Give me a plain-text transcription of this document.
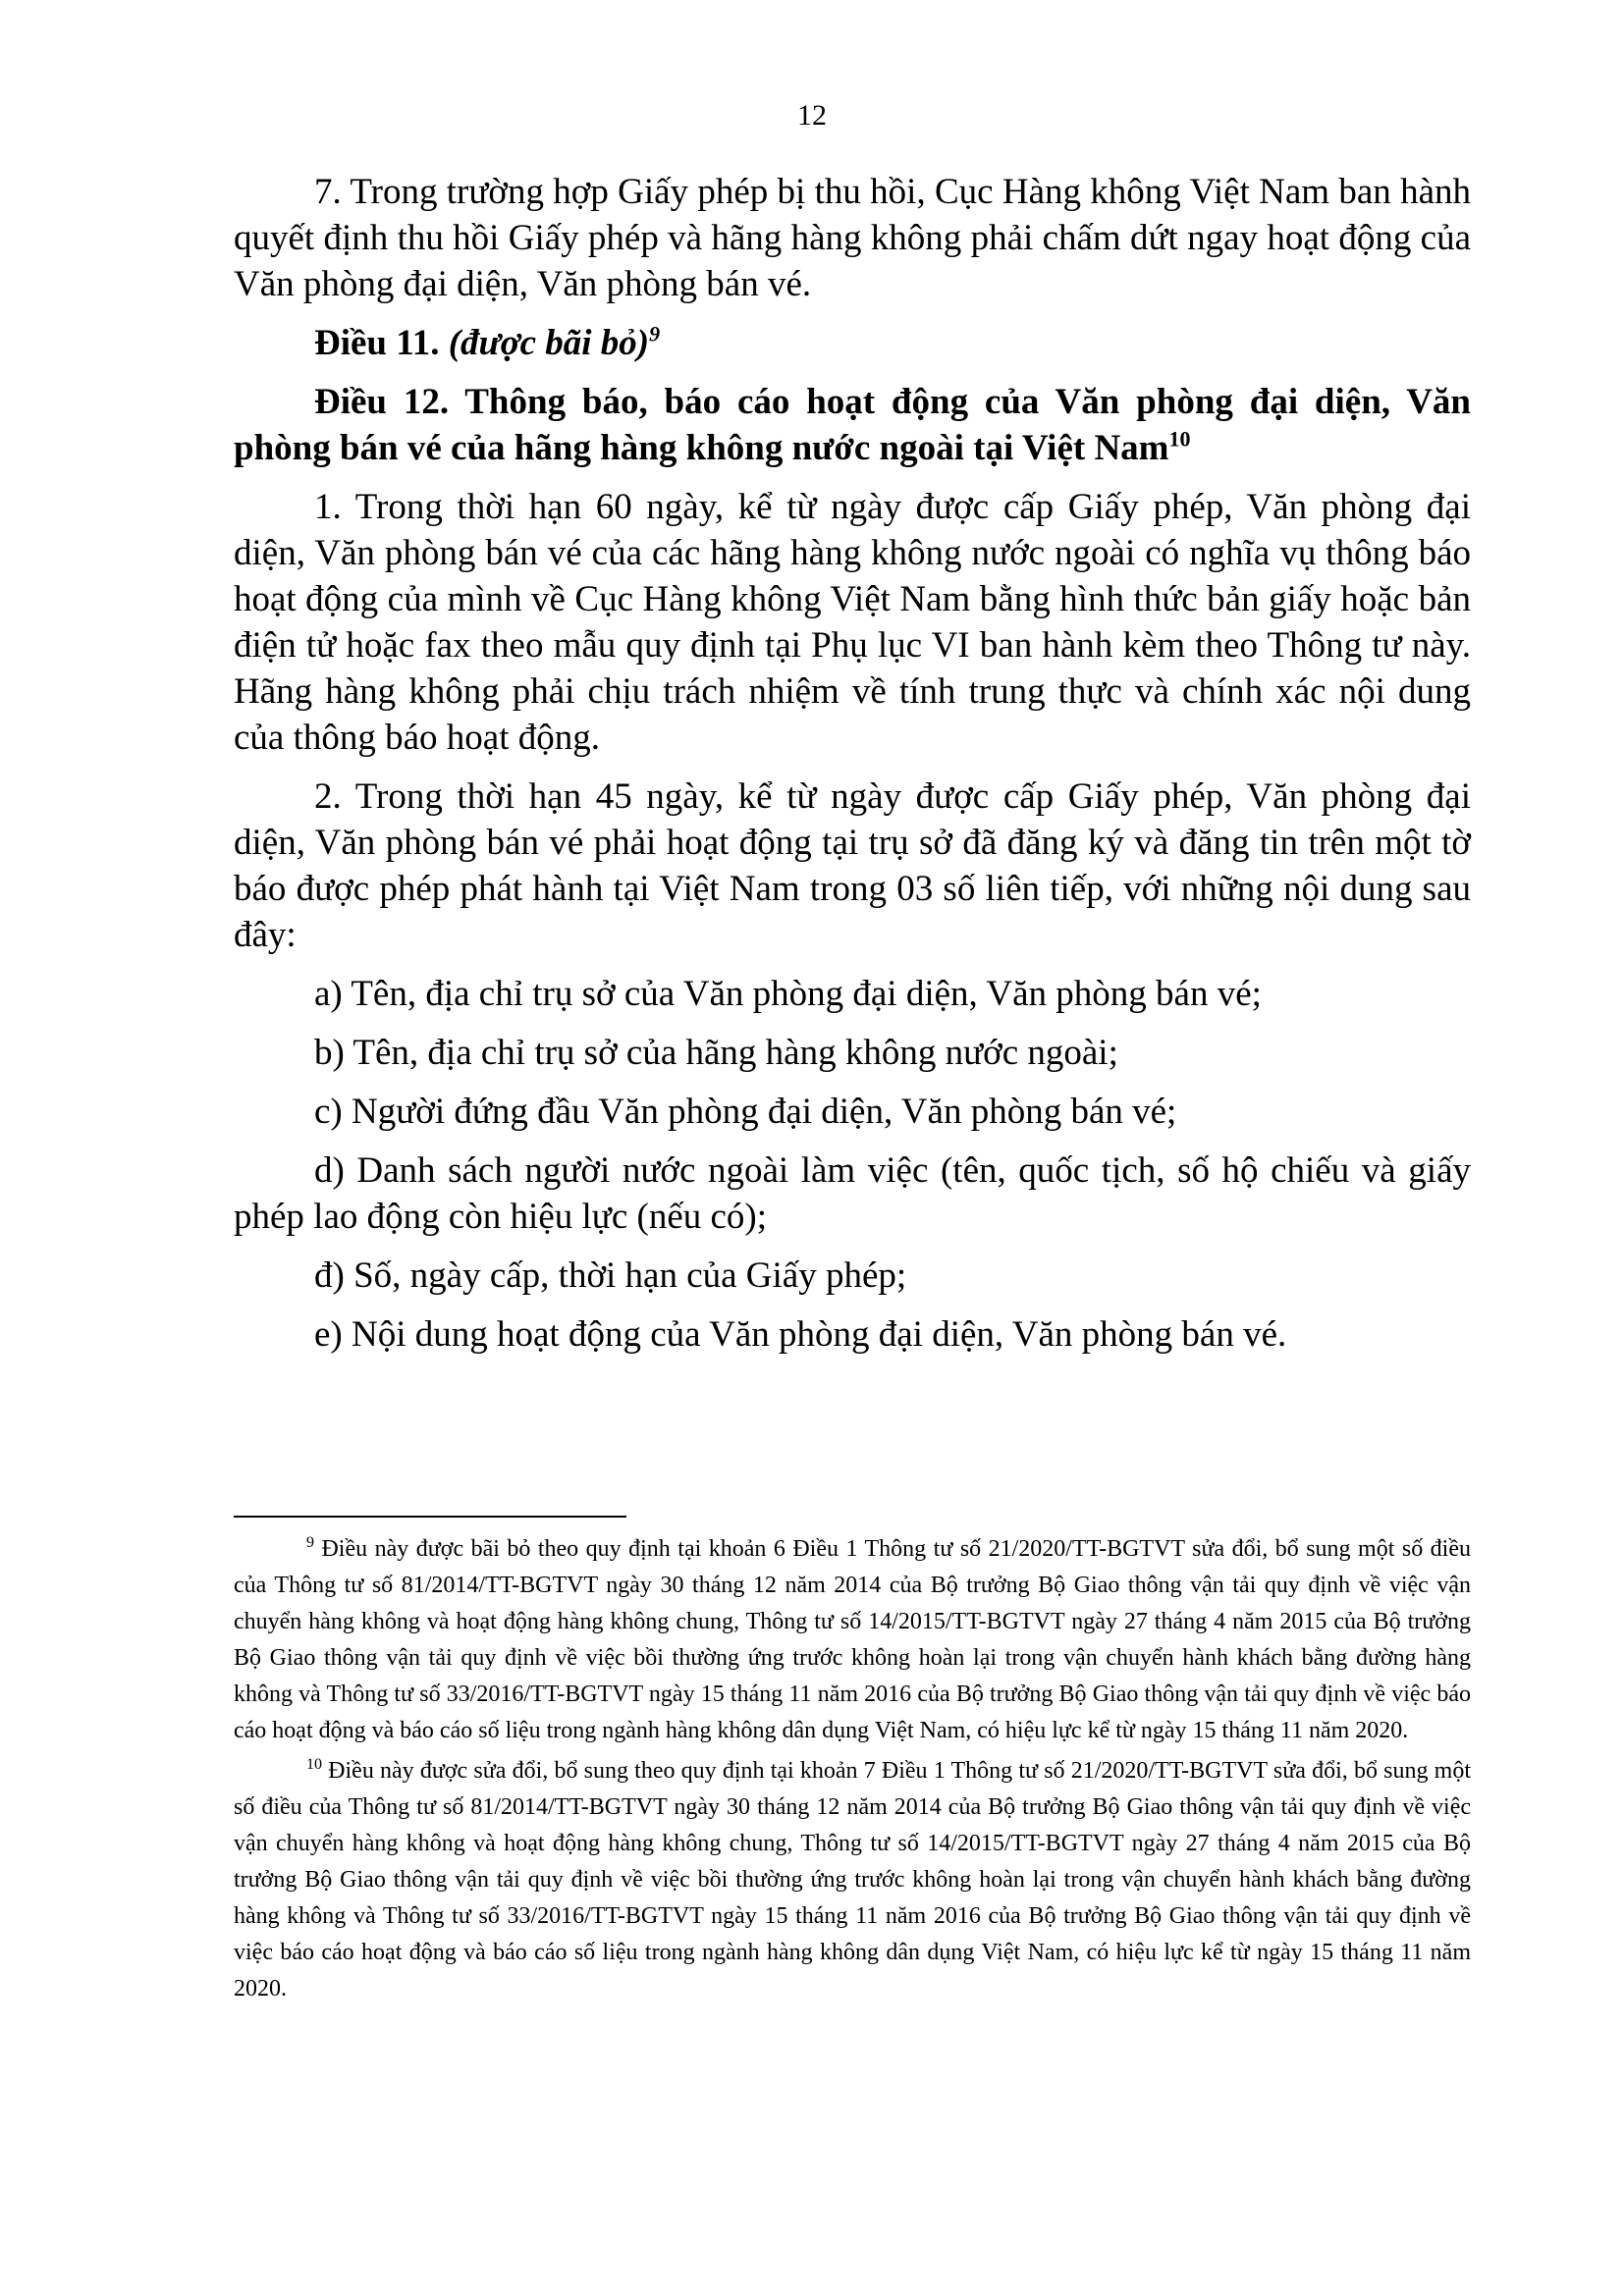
12

7. Trong trường hợp Giấy phép bị thu hồi, Cục Hàng không Việt Nam ban hành quyết định thu hồi Giấy phép và hãng hàng không phải chấm dứt ngay hoạt động của Văn phòng đại diện, Văn phòng bán vé.

Điều 11. (được bãi bỏ)$^9$

Điều 12. Thông báo, báo cáo hoạt động của Văn phòng đại diện, Văn phòng bán vé của hãng hàng không nước ngoài tại Việt Nam$^{10}$

1. Trong thời hạn 60 ngày, kể từ ngày được cấp Giấy phép, Văn phòng đại diện, Văn phòng bán vé của các hãng hàng không nước ngoài có nghĩa vụ thông báo hoạt động của mình về Cục Hàng không Việt Nam bằng hình thức bản giấy hoặc bản điện tử hoặc fax theo mẫu quy định tại Phụ lục VI ban hành kèm theo Thông tư này. Hãng hàng không phải chịu trách nhiệm về tính trung thực và chính xác nội dung của thông báo hoạt động.

2. Trong thời hạn 45 ngày, kể từ ngày được cấp Giấy phép, Văn phòng đại diện, Văn phòng bán vé phải hoạt động tại trụ sở đã đăng ký và đăng tin trên một tờ báo được phép phát hành tại Việt Nam trong 03 số liên tiếp, với những nội dung sau đây:

a) Tên, địa chỉ trụ sở của Văn phòng đại diện, Văn phòng bán vé;

b) Tên, địa chỉ trụ sở của hãng hàng không nước ngoài;

c) Người đứng đầu Văn phòng đại diện, Văn phòng bán vé;

d) Danh sách người nước ngoài làm việc (tên, quốc tịch, số hộ chiếu và giấy phép lao động còn hiệu lực (nếu có);

đ) Số, ngày cấp, thời hạn của Giấy phép;

e) Nội dung hoạt động của Văn phòng đại diện, Văn phòng bán vé.

$^9$ Điều này được bãi bỏ theo quy định tại khoản 6 Điều 1 Thông tư số 21/2020/TT-BGTVT sửa đổi, bổ sung một số điều của Thông tư số 81/2014/TT-BGTVT ngày 30 tháng 12 năm 2014 của Bộ trưởng Bộ Giao thông vận tải quy định về việc vận chuyển hàng không và hoạt động hàng không chung, Thông tư số 14/2015/TT-BGTVT ngày 27 tháng 4 năm 2015 của Bộ trưởng Bộ Giao thông vận tải quy định về việc bồi thường ứng trước không hoàn lại trong vận chuyển hành khách bằng đường hàng không và Thông tư số 33/2016/TT-BGTVT ngày 15 tháng 11 năm 2016 của Bộ trưởng Bộ Giao thông vận tải quy định về việc báo cáo hoạt động và báo cáo số liệu trong ngành hàng không dân dụng Việt Nam, có hiệu lực kể từ ngày 15 tháng 11 năm 2020.

$^{10}$ Điều này được sửa đổi, bổ sung theo quy định tại khoản 7 Điều 1 Thông tư số 21/2020/TT-BGTVT sửa đổi, bổ sung một số điều của Thông tư số 81/2014/TT-BGTVT ngày 30 tháng 12 năm 2014 của Bộ trưởng Bộ Giao thông vận tải quy định về việc vận chuyển hàng không và hoạt động hàng không chung, Thông tư số 14/2015/TT-BGTVT ngày 27 tháng 4 năm 2015 của Bộ trưởng Bộ Giao thông vận tải quy định về việc bồi thường ứng trước không hoàn lại trong vận chuyển hành khách bằng đường hàng không và Thông tư số 33/2016/TT-BGTVT ngày 15 tháng 11 năm 2016 của Bộ trưởng Bộ Giao thông vận tải quy định về việc báo cáo hoạt động và báo cáo số liệu trong ngành hàng không dân dụng Việt Nam, có hiệu lực kể từ ngày 15 tháng 11 năm 2020.
